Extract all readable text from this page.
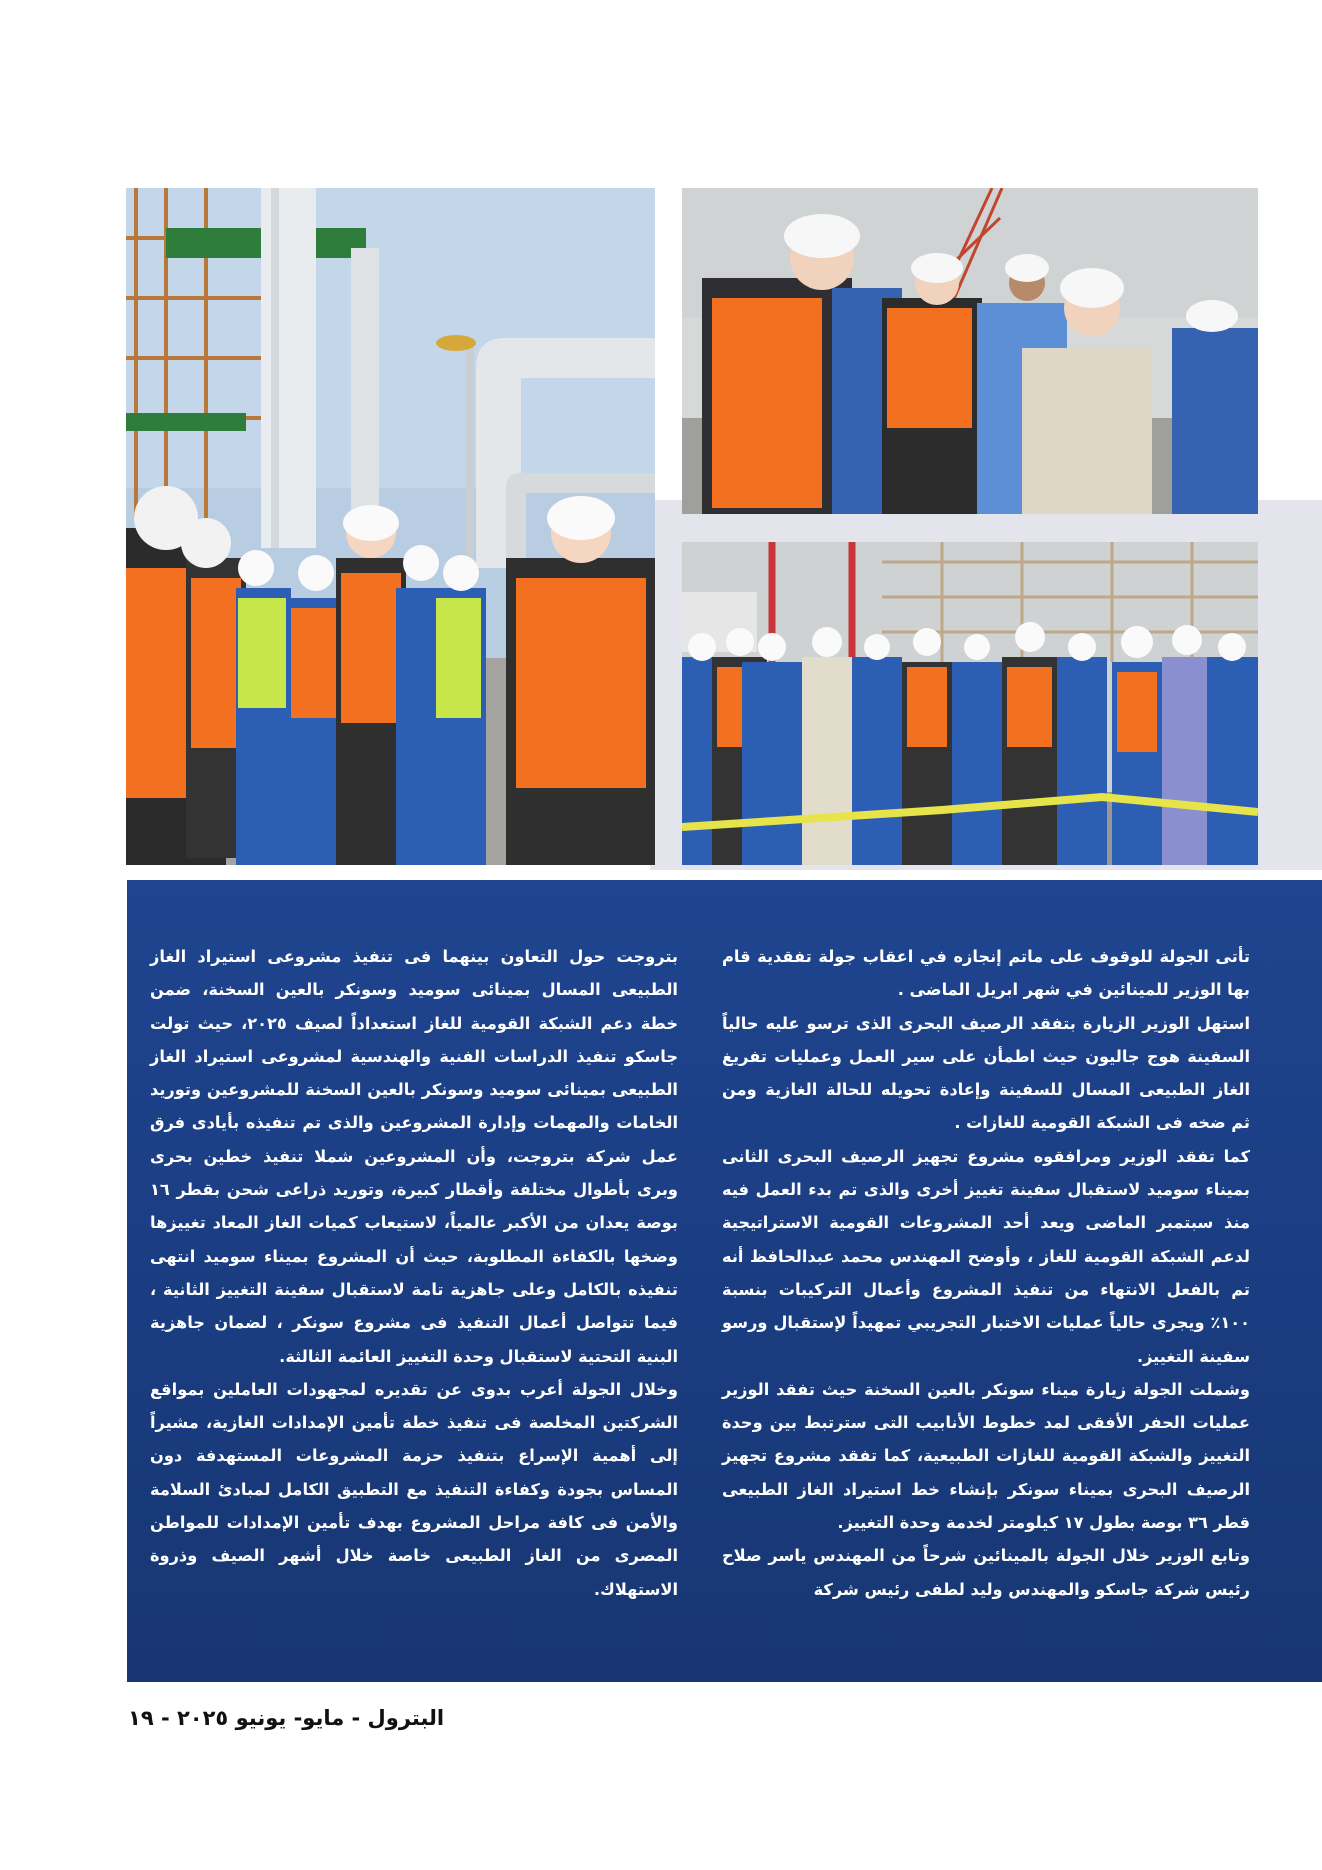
تأتى الجولة للوقوف على ماتم إنجازه في اعقاب جولة تفقدية قام بها الوزير للمينائين في شهر ابريل الماضى .

استهل الوزير الزيارة بتفقد الرصيف البحرى الذى ترسو عليه حالياً السفينة هوج جاليون حيث اطمأن على سير العمل وعمليات تفريغ الغاز الطبيعى المسال للسفينة وإعادة تحويله للحالة الغازية ومن ثم ضخه فى الشبكة القومية للغازات .

كما تفقد الوزير ومرافقوه مشروع تجهيز الرصيف البحرى الثانى بميناء سوميد لاستقبال سفينة تغييز أخرى والذى تم بدء العمل فيه منذ سبتمبر الماضى ويعد أحد المشروعات القومية الاستراتيجية لدعم الشبكة القومية للغاز ، وأوضح المهندس محمد عبدالحافظ أنه تم بالفعل الانتهاء من تنفيذ المشروع وأعمال التركيبات بنسبة ١٠٠٪ ويجرى حالياً عمليات الاختبار التجريبي تمهيداً لإستقبال ورسو سفينة التغييز.

وشملت الجولة زيارة ميناء سونكر بالعين السخنة حيث تفقد الوزير عمليات الحفر الأفقى لمد خطوط الأنابيب التى سترتبط بين وحدة التغييز والشبكة القومية للغازات الطبيعية، كما تفقد مشروع تجهيز الرصيف البحرى بميناء سونكر بإنشاء خط استيراد الغاز الطبيعى قطر ٣٦ بوصة بطول ١٧ كيلومتر لخدمة وحدة التغييز.

وتابع الوزير خلال الجولة بالمينائين شرحاً من المهندس ياسر صلاح رئيس شركة جاسكو والمهندس وليد لطفى رئيس شركة

بتروجت حول التعاون بينهما فى تنفيذ مشروعى استيراد الغاز الطبيعى المسال بمينائى سوميد وسونكر بالعين السخنة، ضمن خطة دعم الشبكة القومية للغاز استعداداً لصيف ٢٠٢٥، حيث تولت جاسكو تنفيذ الدراسات الفنية والهندسية لمشروعى استيراد الغاز الطبيعى بمينائى سوميد وسونكر بالعين السخنة للمشروعين وتوريد الخامات والمهمات وإدارة المشروعين والذى تم تنفيذه بأيادى فرق عمل شركة بتروجت، وأن المشروعين شملا تنفيذ خطين بحرى وبرى بأطوال مختلفة وأقطار كبيرة، وتوريد ذراعى شحن بقطر ١٦ بوصة يعدان من الأكبر عالمياً، لاستيعاب كميات الغاز المعاد تغييزها وضخها بالكفاءة المطلوبة، حيث أن المشروع بميناء سوميد انتهى تنفيذه بالكامل وعلى جاهزية تامة لاستقبال سفينة التغييز الثانية ، فيما تتواصل أعمال التنفيذ فى مشروع سونكر ، لضمان جاهزية البنية التحتية لاستقبال وحدة التغييز العائمة الثالثة.

وخلال الجولة أعرب بدوى عن تقديره لمجهودات العاملين بمواقع الشركتين المخلصة فى تنفيذ خطة تأمين الإمدادات الغازية، مشيراً إلى أهمية الإسراع بتنفيذ حزمة المشروعات المستهدفة دون المساس بجودة وكفاءة التنفيذ مع التطبيق الكامل لمبادئ السلامة والأمن فى كافة مراحل المشروع بهدف تأمين الإمدادات للمواطن المصرى من الغاز الطبيعى خاصة خلال أشهر الصيف وذروة الاستهلاك.

البترول - مايو- يونيو ٢٠٢٥ - ١٩
